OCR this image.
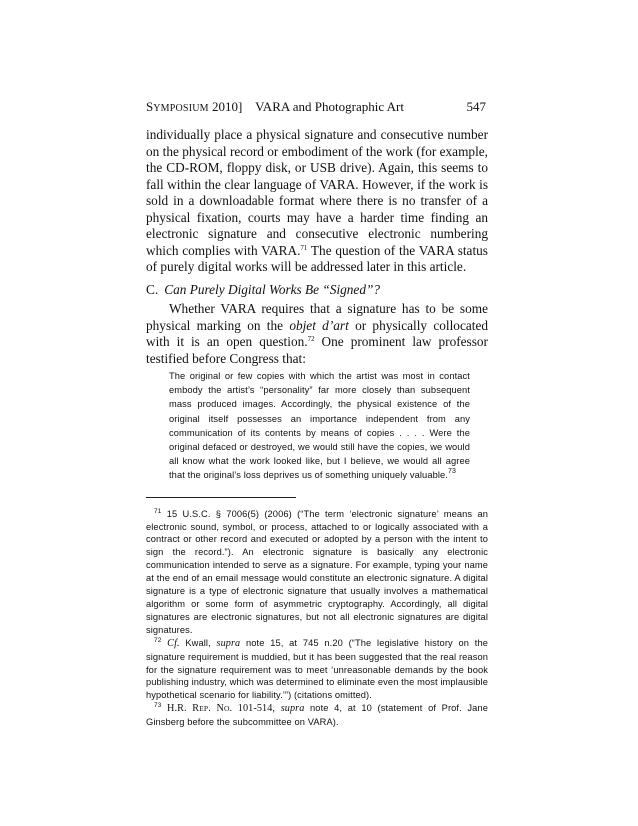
SYMPOSIUM 2010]    VARA and Photographic Art	547

individually place a physical signature and consecutive number on the physical record or embodiment of the work (for example, the CD-ROM, floppy disk, or USB drive). Again, this seems to fall within the clear language of VARA. However, if the work is sold in a downloadable format where there is no transfer of a physical fixation, courts may have a harder time finding an electronic signature and consecutive electronic numbering which complies with VARA.$^{71}$ The question of the VARA status of purely digital works will be addressed later in this article.

C. Can Purely Digital Works Be “Signed”?

Whether VARA requires that a signature has to be some physical marking on the objet d’art or physically collocated with it is an open question.$^{72}$ One prominent law professor testified before Congress that:

The original or few copies with which the artist was most in contact embody the artist’s “personality” far more closely than subsequent mass produced images. Accordingly, the physical existence of the original itself possesses an importance independent from any communication of its contents by means of copies . . . . Were the original defaced or destroyed, we would still have the copies, we would all know what the work looked like, but I believe, we would all agree that the original’s loss deprives us of something uniquely valuable.$^{73}$

$^{71}$ 15 U.S.C. § 7006(5) (2006) (“The term ‘electronic signature’ means an electronic sound, symbol, or process, attached to or logically associated with a contract or other record and executed or adopted by a person with the intent to sign the record.”). An electronic signature is basically any electronic communication intended to serve as a signature. For example, typing your name at the end of an email message would constitute an electronic signature. A digital signature is a type of electronic signature that usually involves a mathematical algorithm or some form of asymmetric cryptography. Accordingly, all digital signatures are electronic signatures, but not all electronic signatures are digital signatures.

$^{72}$ Cf. Kwall, supra note 15, at 745 n.20 (“The legislative history on the signature requirement is muddied, but it has been suggested that the real reason for the signature requirement was to meet ‘unreasonable demands by the book publishing industry, which was determined to eliminate even the most implausible hypothetical scenario for liability.’”) (citations omitted).

$^{73}$ H.R. REP. NO. 101-514, supra note 4, at 10 (statement of Prof. Jane Ginsberg before the subcommittee on VARA).
